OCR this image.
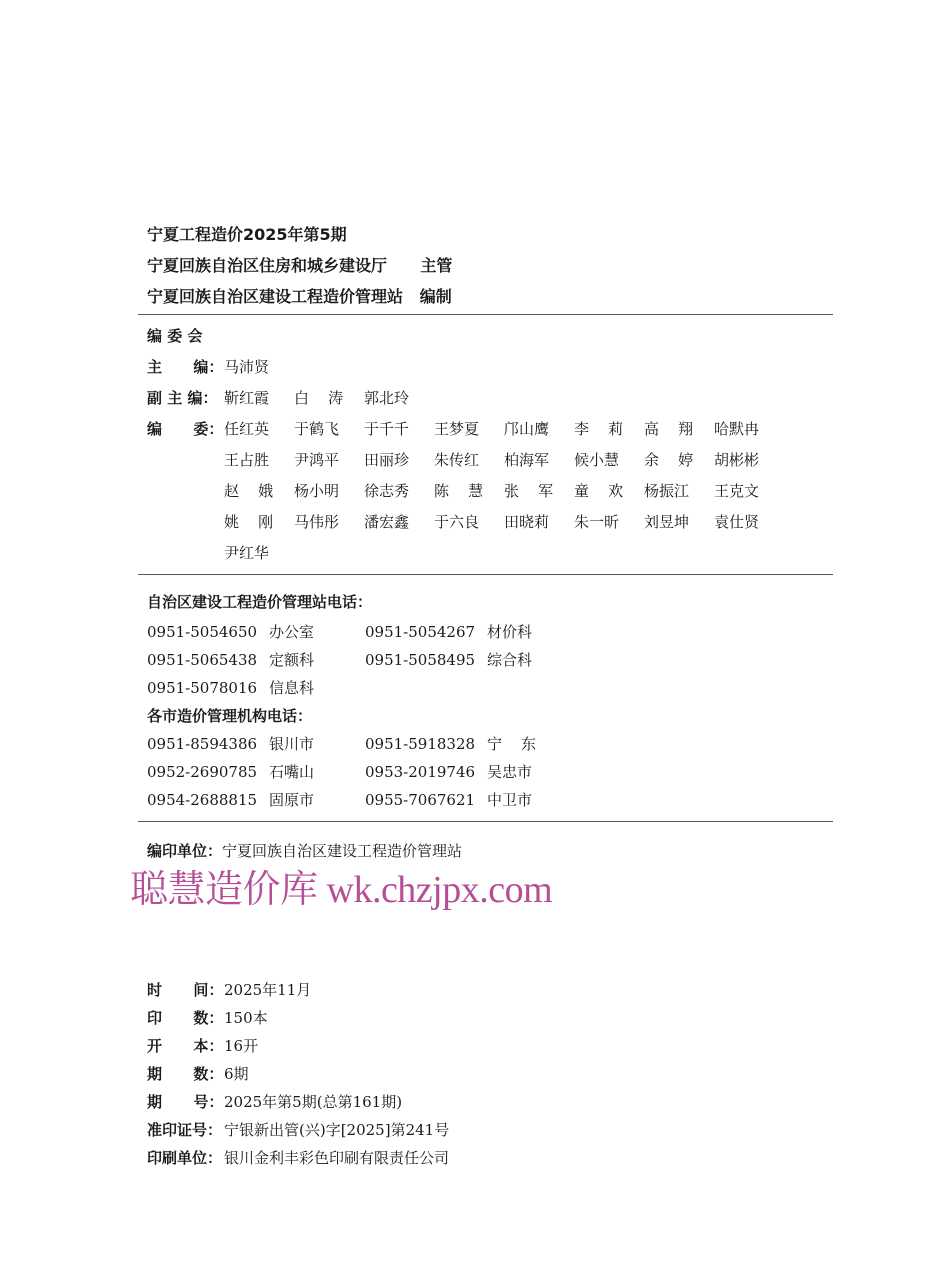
宁夏工程造价2025年第5期
宁夏回族自治区住房和城乡建设厅      主管
宁夏回族自治区建设工程造价管理站   编制
编 委 会
主      编： 马沛贤
副 主 编： 靳红霞	白    涛	郭北玲
编      委： 任红英	于鹤飞	于千千	王梦夏	邝山鹰	李    莉	高    翔	哈默冉
王占胜	尹鸿平	田丽珍	朱传红	柏海军	候小慧	余    婷	胡彬彬
赵    娥	杨小明	徐志秀	陈    慧	张    军	童    欢	杨振江	王克文
姚    刚	马伟彤	潘宏鑫	于六良	田晓莉	朱一昕	刘昱坤	袁仕贤
尹红华
自治区建设工程造价管理站电话：
0951-5054650 办公室	0951-5054267 材价科
0951-5065438 定额科	0951-5058495 综合科
0951-5078016 信息科
各市造价管理机构电话：
0951-8594386 银川市	0951-5918328 宁    东
0952-2690785 石嘴山	0953-2019746 吴忠市
0954-2688815 固原市	0955-7067621 中卫市
编印单位：宁夏回族自治区建设工程造价管理站
聪慧造价库 wk.chzjpx.com
时      间： 2025年11月
印      数： 150本
开      本： 16开
期      数： 6期
期      号： 2025年第5期(总第161期)
准印证号： 宁银新出管(兴)字[2025]第241号
印刷单位： 银川金利丰彩色印刷有限责任公司
